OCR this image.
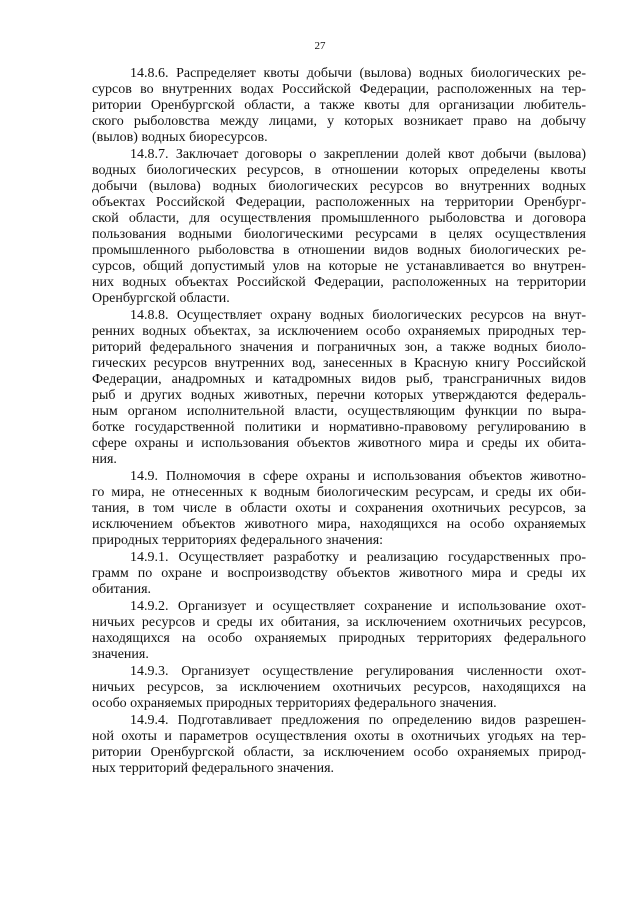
27
14.8.6. Распределяет квоты добычи (вылова) водных биологических ре-
сурсов во внутренних водах Российской Федерации, расположенных на тер-
ритории Оренбургской области, а также квоты для организации любитель-
ского рыболовства между лицами, у которых возникает право на добычу
(вылов) водных биоресурсов.
14.8.7. Заключает договоры о закреплении долей квот добычи (вылова)
водных биологических ресурсов, в отношении которых определены квоты
добычи (вылова) водных биологических ресурсов во внутренних водных
объектах Российской Федерации, расположенных на территории Оренбург-
ской области, для осуществления промышленного рыболовства и договора
пользования водными биологическими ресурсами в целях осуществления
промышленного рыболовства в отношении видов водных биологических ре-
сурсов, общий допустимый улов на которые не устанавливается во внутрен-
них водных объектах Российской Федерации, расположенных на территории
Оренбургской области.
14.8.8. Осуществляет охрану водных биологических ресурсов на внут-
ренних водных объектах, за исключением особо охраняемых природных тер-
риторий федерального значения и пограничных зон, а также водных биоло-
гических ресурсов внутренних вод, занесенных в Красную книгу Российской
Федерации, анадромных и катадромных видов рыб, трансграничных видов
рыб и других водных животных, перечни которых утверждаются федераль-
ным органом исполнительной власти, осуществляющим функции по выра-
ботке государственной политики и нормативно-правовому регулированию в
сфере охраны и использования объектов животного мира и среды их обита-
ния.
14.9. Полномочия в сфере охраны и использования объектов животно-
го мира, не отнесенных к водным биологическим ресурсам, и среды их оби-
тания, в том числе в области охоты и сохранения охотничьих ресурсов, за
исключением объектов животного мира, находящихся на особо охраняемых
природных территориях федерального значения:
14.9.1. Осуществляет разработку и реализацию государственных про-
грамм по охране и воспроизводству объектов животного мира и среды их
обитания.
14.9.2. Организует и осуществляет сохранение и использование охот-
ничьих ресурсов и среды их обитания, за исключением охотничьих ресурсов,
находящихся на особо охраняемых природных территориях федерального
значения.
14.9.3. Организует осуществление регулирования численности охот-
ничьих ресурсов, за исключением охотничьих ресурсов, находящихся на
особо охраняемых природных территориях федерального значения.
14.9.4. Подготавливает предложения по определению видов разрешен-
ной охоты и параметров осуществления охоты в охотничьих угодьях на тер-
ритории Оренбургской области, за исключением особо охраняемых природ-
ных территорий федерального значения.
